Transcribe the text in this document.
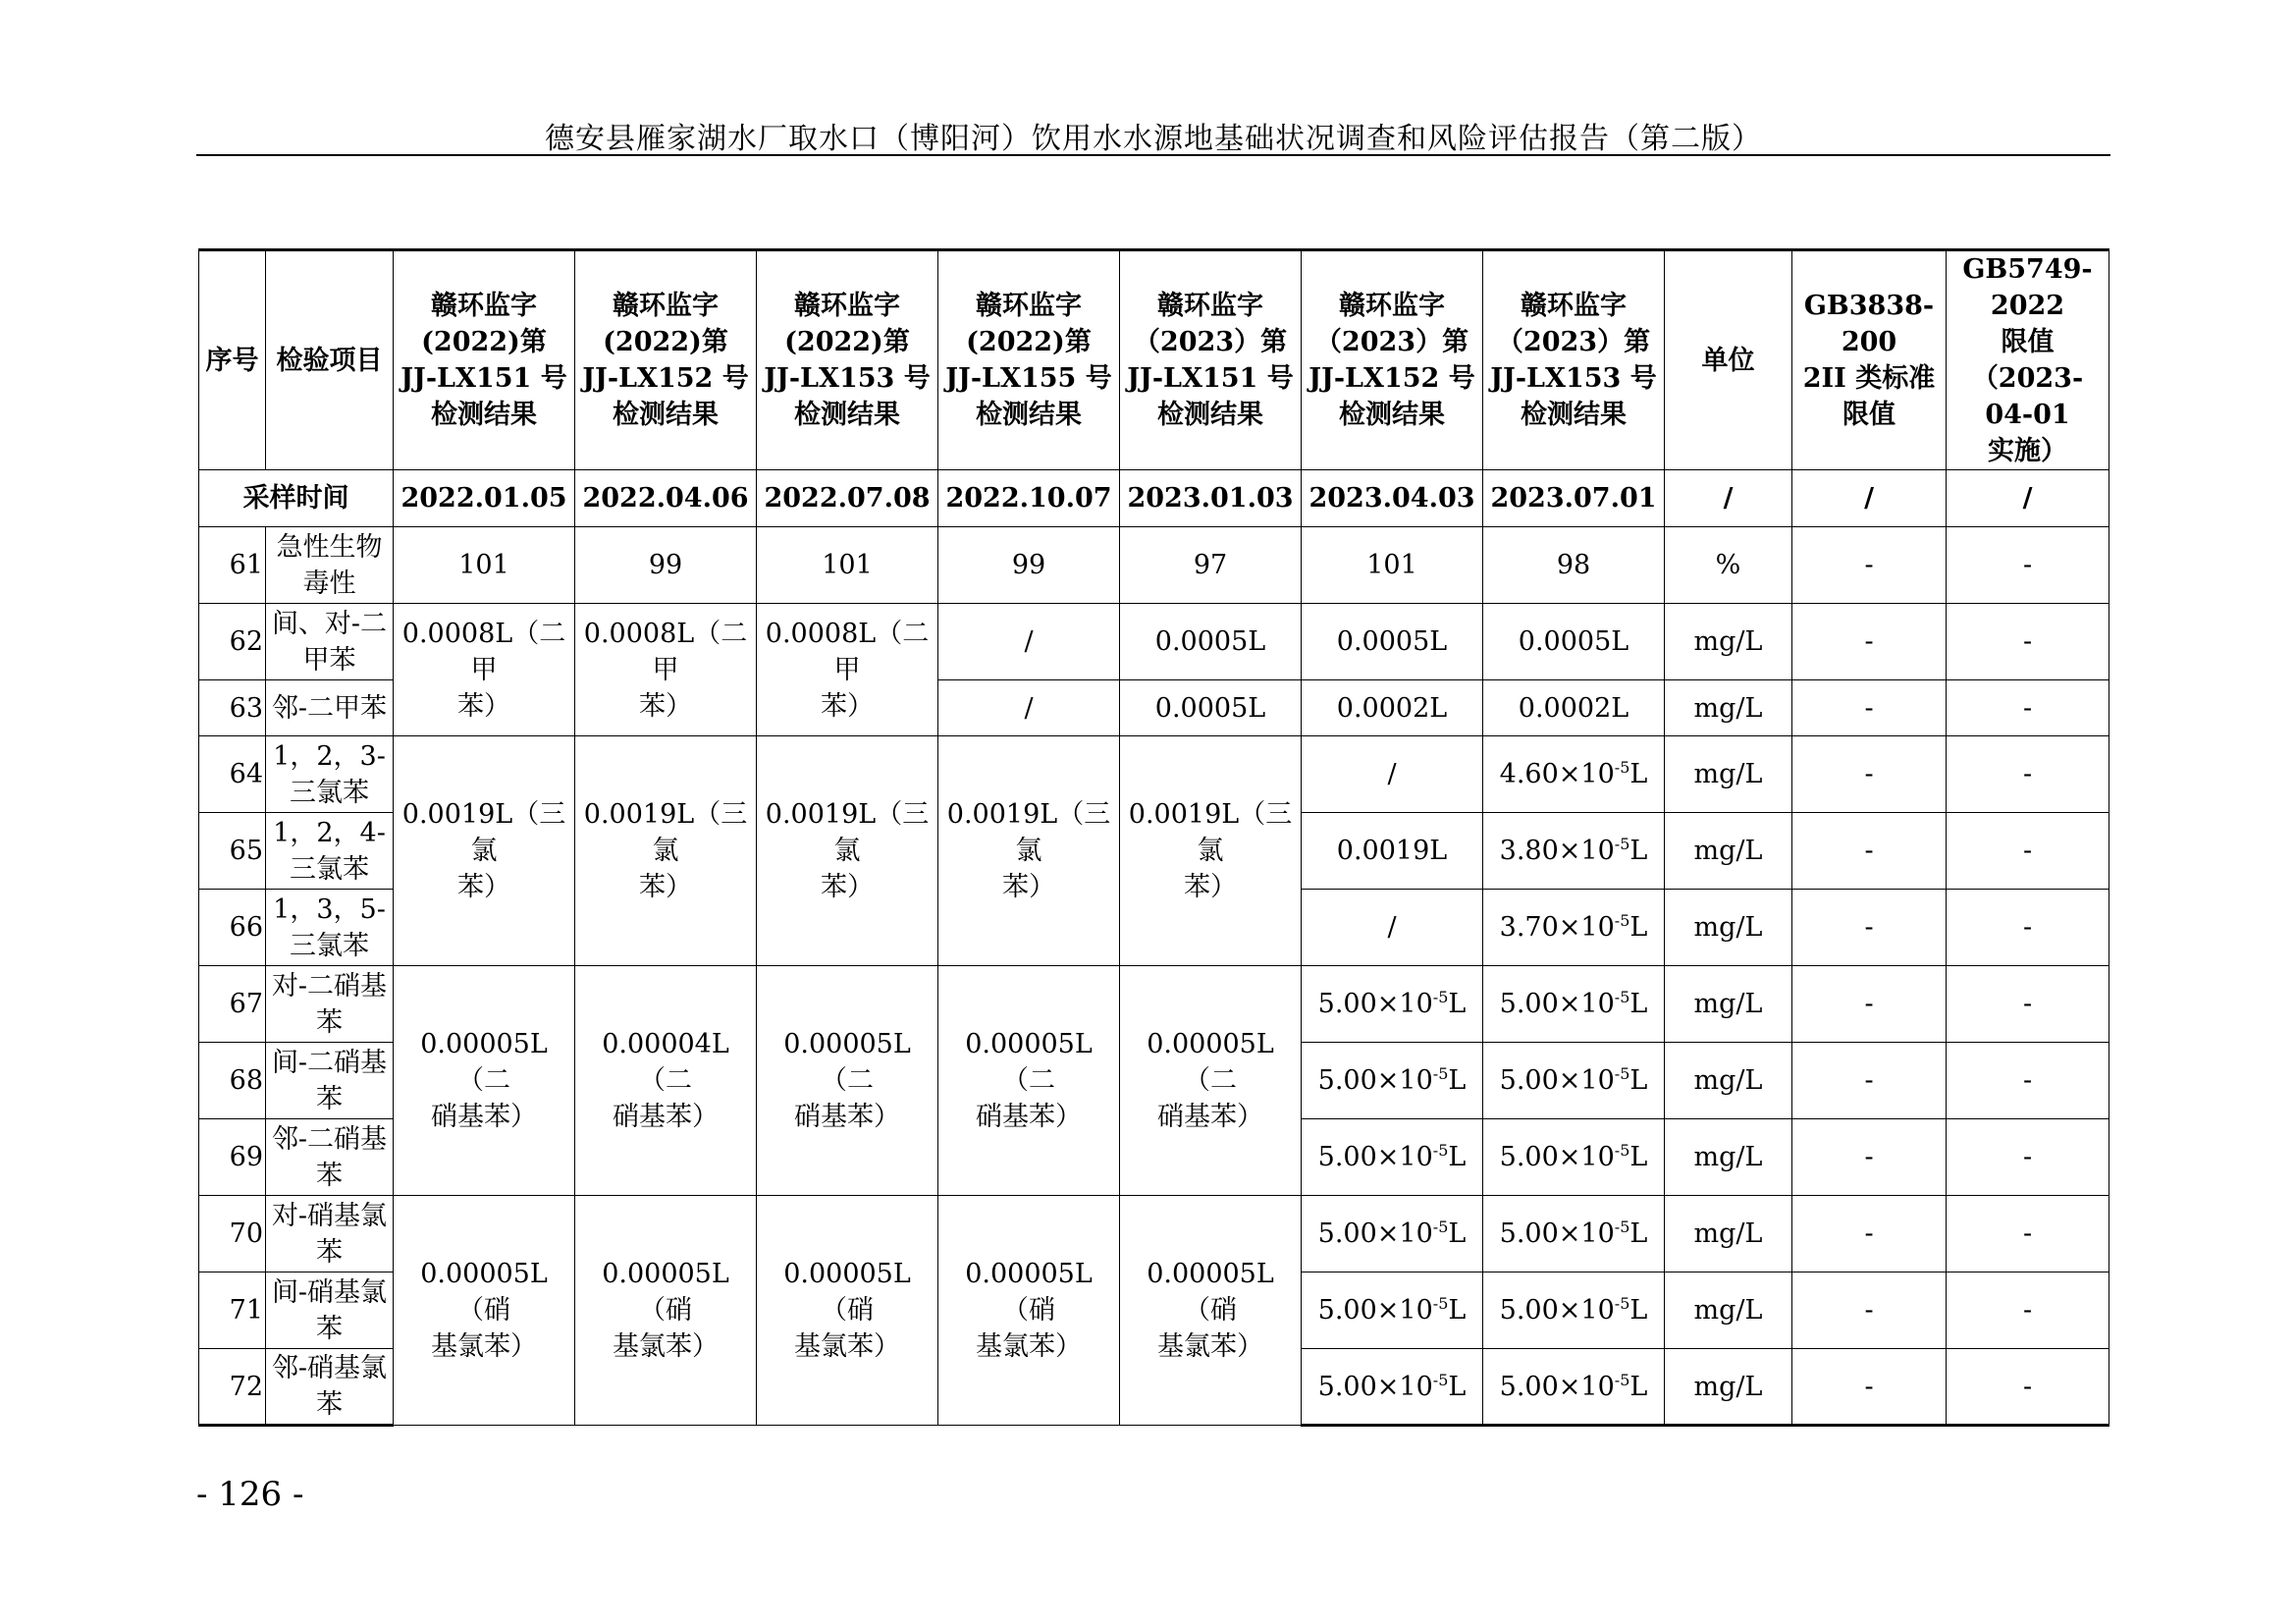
德安县雁家湖水厂取水口（博阳河）饮用水水源地基础状况调查和风险评估报告（第二版）
序号	检验项目	赣环监字
(2022)第
JJ-LX151 号
检测结果	赣环监字
(2022)第
JJ-LX152 号
检测结果	赣环监字
(2022)第
JJ-LX153 号
检测结果	赣环监字
(2022)第
JJ-LX155 号
检测结果	赣环监字
（2023）第
JJ-LX151 号
检测结果	赣环监字
（2023）第
JJ-LX152 号
检测结果	赣环监字
（2023）第
JJ-LX153 号
检测结果	单位	GB3838-200
2II 类标准
限值	GB5749-2022
限值
（2023-04-01
实施）
采样时间		2022.01.05	2022.04.06	2022.07.08	2022.10.07	2023.01.03	2023.04.03	2023.07.01	/	/	/
61	急性生物
毒性	101	99	101	99	97	101	98	%	-	-
62	间、对-二
甲苯	0.0008L（二甲
苯）	0.0008L（二甲
苯）	0.0008L（二甲
苯）	/	0.0005L	0.0005L	0.0005L	mg/L	-	-
63	邻-二甲苯				/	0.0005L	0.0002L	0.0002L	mg/L	-	-
64	1，2，3-
三氯苯	0.0019L（三氯
苯）	0.0019L（三氯
苯）	0.0019L（三氯
苯）	0.0019L（三氯
苯）	0.0019L（三氯
苯）	/	$4.60\times 10^{-5}L$	mg/L	-	-
65	1，2，4-
三氯苯						0.0019L	$3.80\times 10^{-5}L$	mg/L	-	-
66	1，3，5-
三氯苯						/	$3.70\times 10^{-5}L$	mg/L	-	-
67	对-二硝基
苯	0.00005L（二
硝基苯）	0.00004L（二
硝基苯）	0.00005L（二
硝基苯）	0.00005L（二
硝基苯）	0.00005L（二
硝基苯）	$5.00\times 10^{-5}L$	$5.00\times 10^{-5}L$	mg/L	-	-
68	间-二硝基
苯						$5.00\times 10^{-5}L$	$5.00\times 10^{-5}L$	mg/L	-	-
69	邻-二硝基
苯						$5.00\times 10^{-5}L$	$5.00\times 10^{-5}L$	mg/L	-	-
70	对-硝基氯
苯	0.00005L（硝
基氯苯）	0.00005L（硝
基氯苯）	0.00005L（硝
基氯苯）	0.00005L（硝
基氯苯）	0.00005L（硝
基氯苯）	$5.00\times 10^{-5}L$	$5.00\times 10^{-5}L$	mg/L	-	-
71	间-硝基氯
苯						$5.00\times 10^{-5}L$	$5.00\times 10^{-5}L$	mg/L	-	-
72	邻-硝基氯
苯						$5.00\times 10^{-5}L$	$5.00\times 10^{-5}L$	mg/L	-	-
- 126 -
